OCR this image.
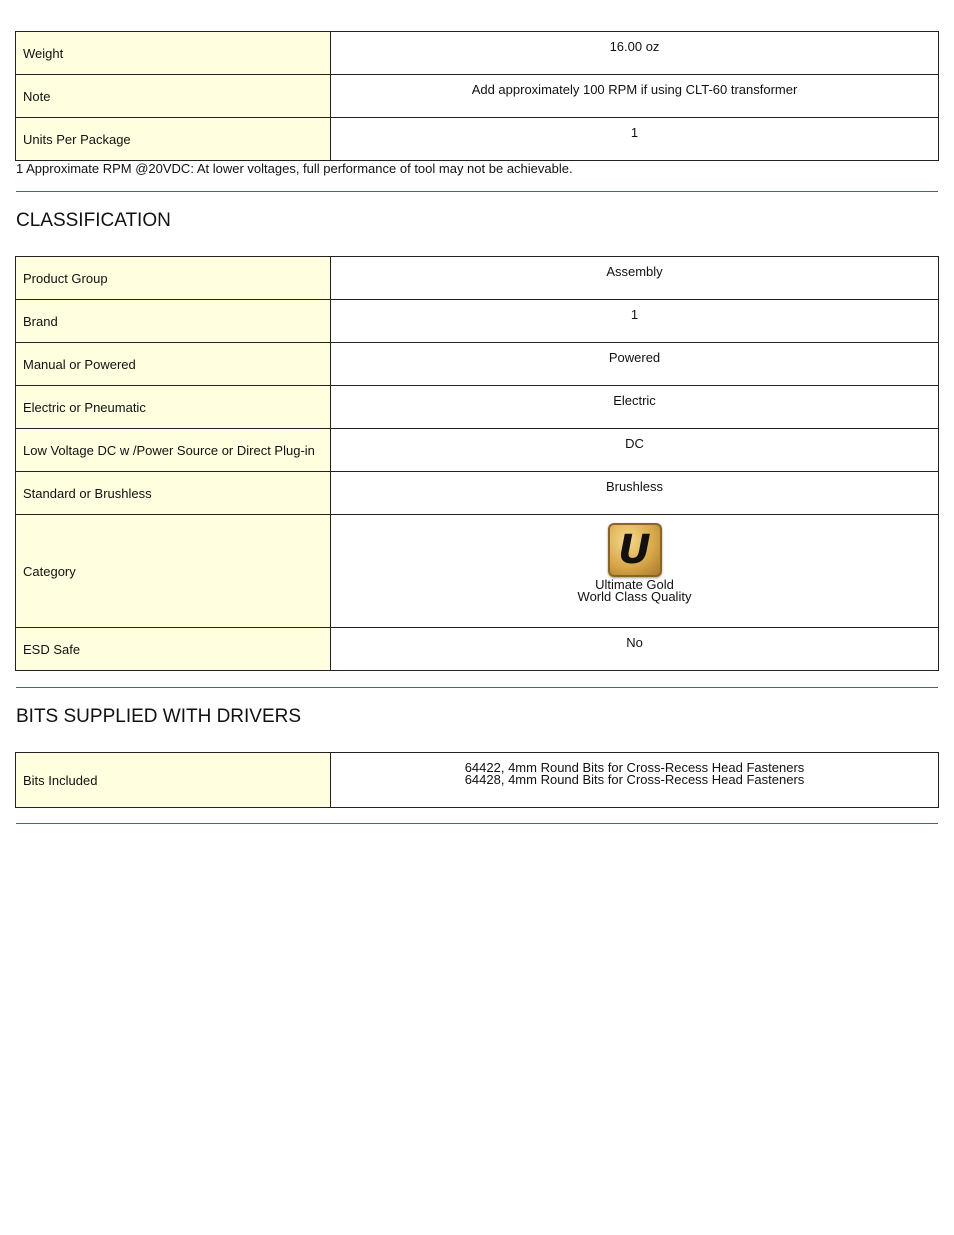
Weight	16.00 oz
Note	Add approximately 100 RPM if using CLT-60 transformer
Units Per Package	1
1 Approximate RPM @20VDC: At lower voltages, full performance of tool may not be achievable.
CLASSIFICATION
Product Group	Assembly
Brand	1
Manual or Powered	Powered
Electric or Pneumatic	Electric
Low Voltage DC w /Power Source or Direct Plug-in	DC
Standard or Brushless	Brushless
Category	U
Ultimate Gold
World Class Quality

ESD Safe	No
BITS SUPPLIED WITH DRIVERS
Bits Included	
64422, 4mm Round Bits for Cross-Recess Head Fasteners
64428, 4mm Round Bits for Cross-Recess Head Fasteners
